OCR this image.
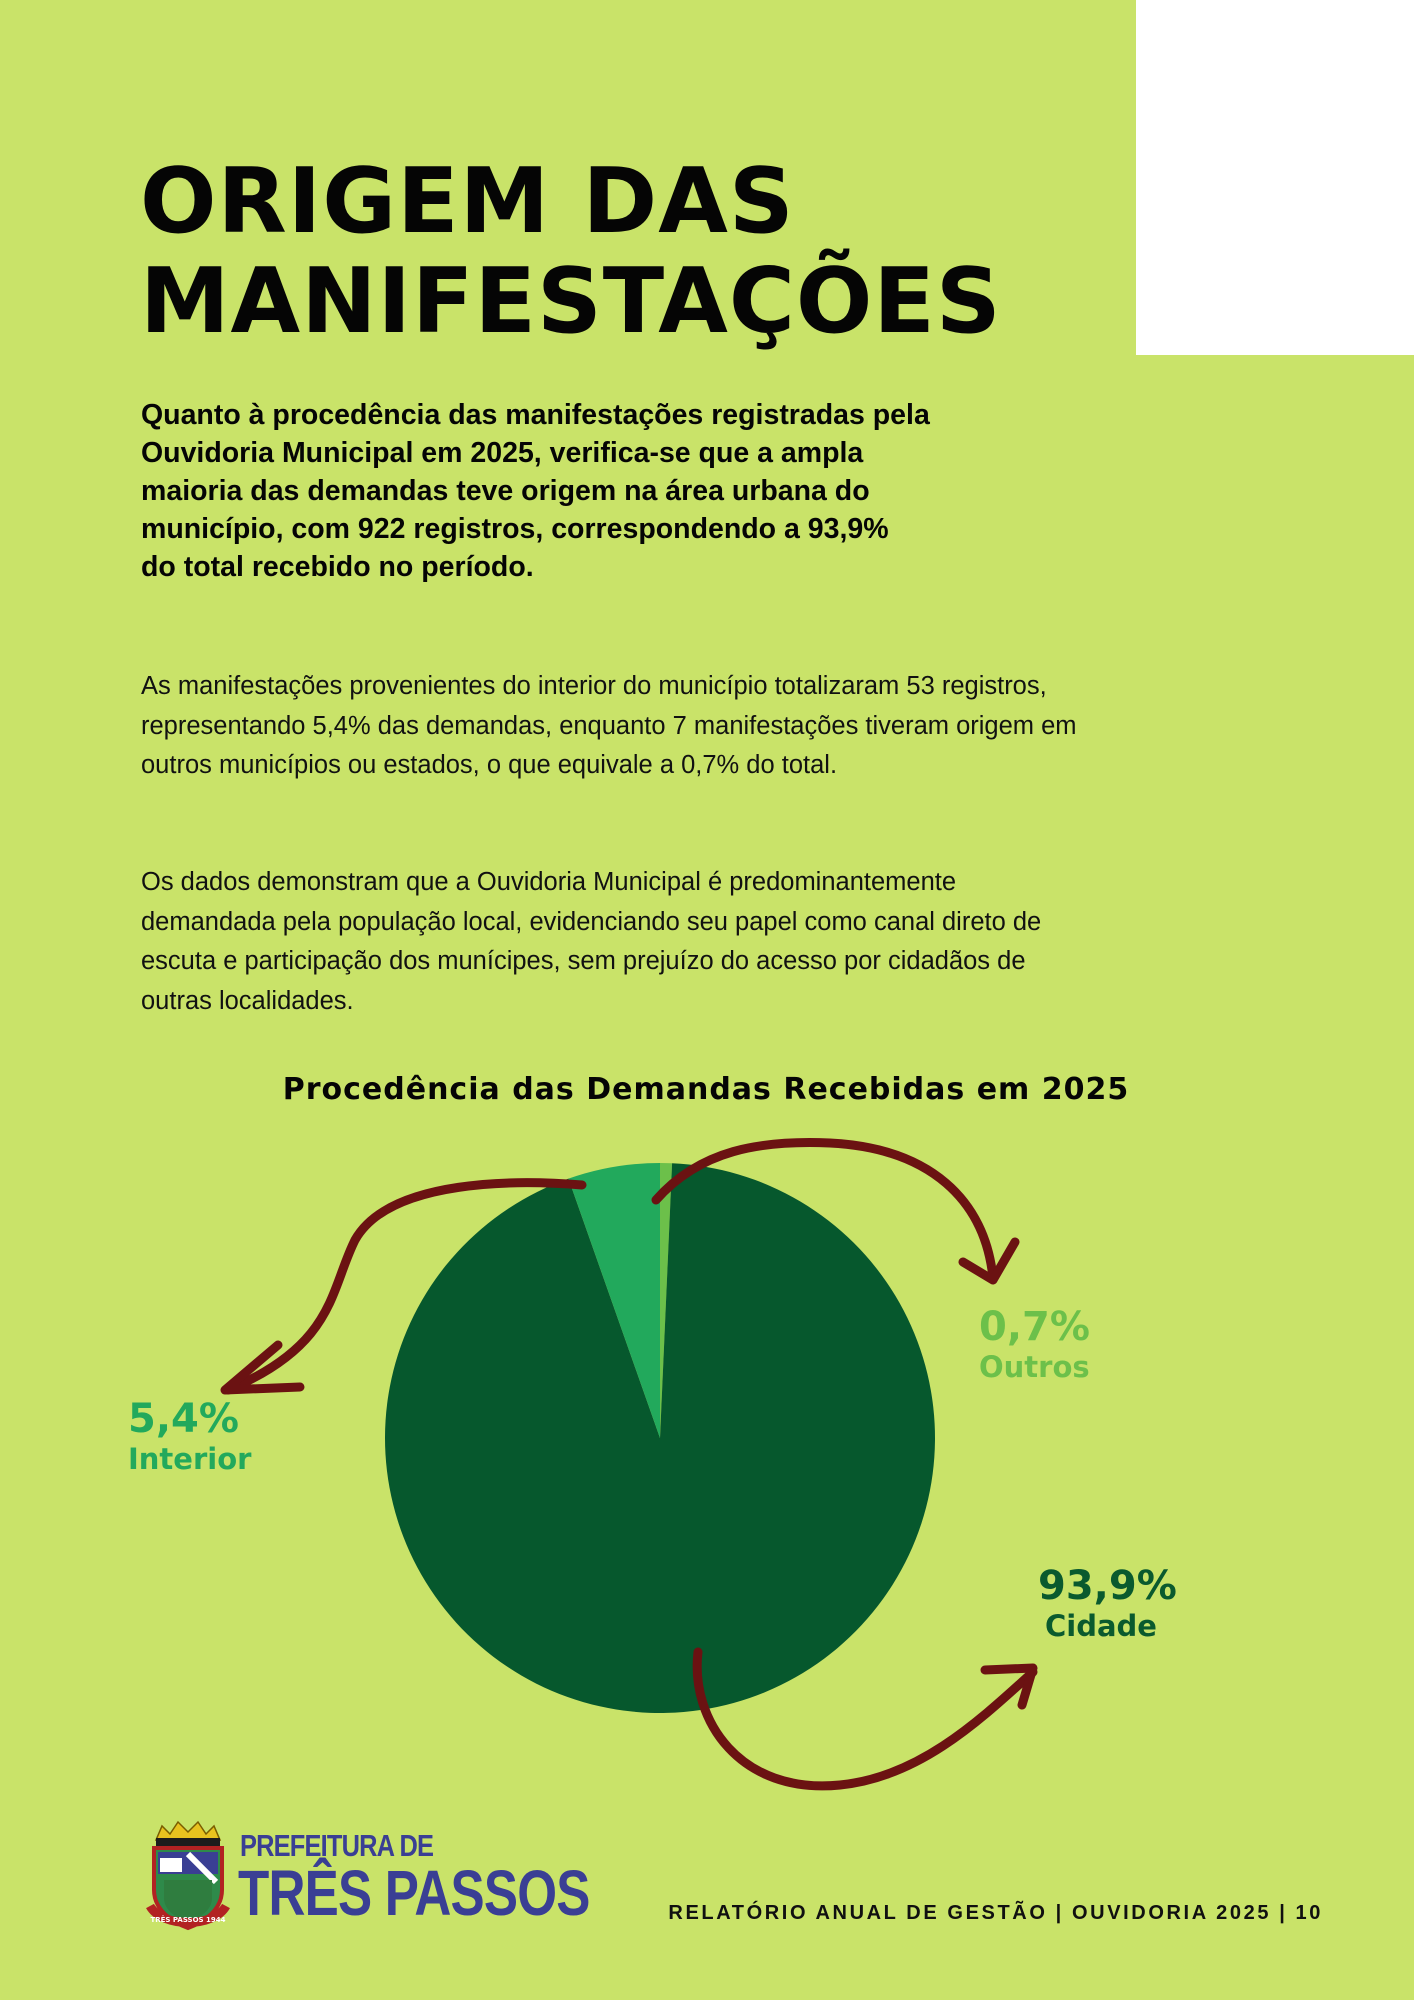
ORIGEM DAS
MANIFESTAÇÕES

Quanto à procedência das manifestações registradas pela Ouvidoria Municipal em 2025, verifica-se que a ampla maioria das demandas teve origem na área urbana do município, com 922 registros, correspondendo a 93,9% do total recebido no período.

As manifestações provenientes do interior do município totalizaram 53 registros, representando 5,4% das demandas, enquanto 7 manifestações tiveram origem em outros municípios ou estados, o que equivale a 0,7% do total.

Os dados demonstram que a Ouvidoria Municipal é predominantemente demandada pela população local, evidenciando seu papel como canal direto de escuta e participação dos munícipes, sem prejuízo do acesso por cidadãos de outras localidades.

Procedência das Demandas Recebidas em 2025
0,7%
Outros
5,4%
Interior
93,9%
Cidade
TRÊS PASSOS 1944
PREFEITURA DE
TRÊS PASSOS	RELATÓRIO ANUAL DE GESTÃO | OUVIDORIA 2025 | 10
